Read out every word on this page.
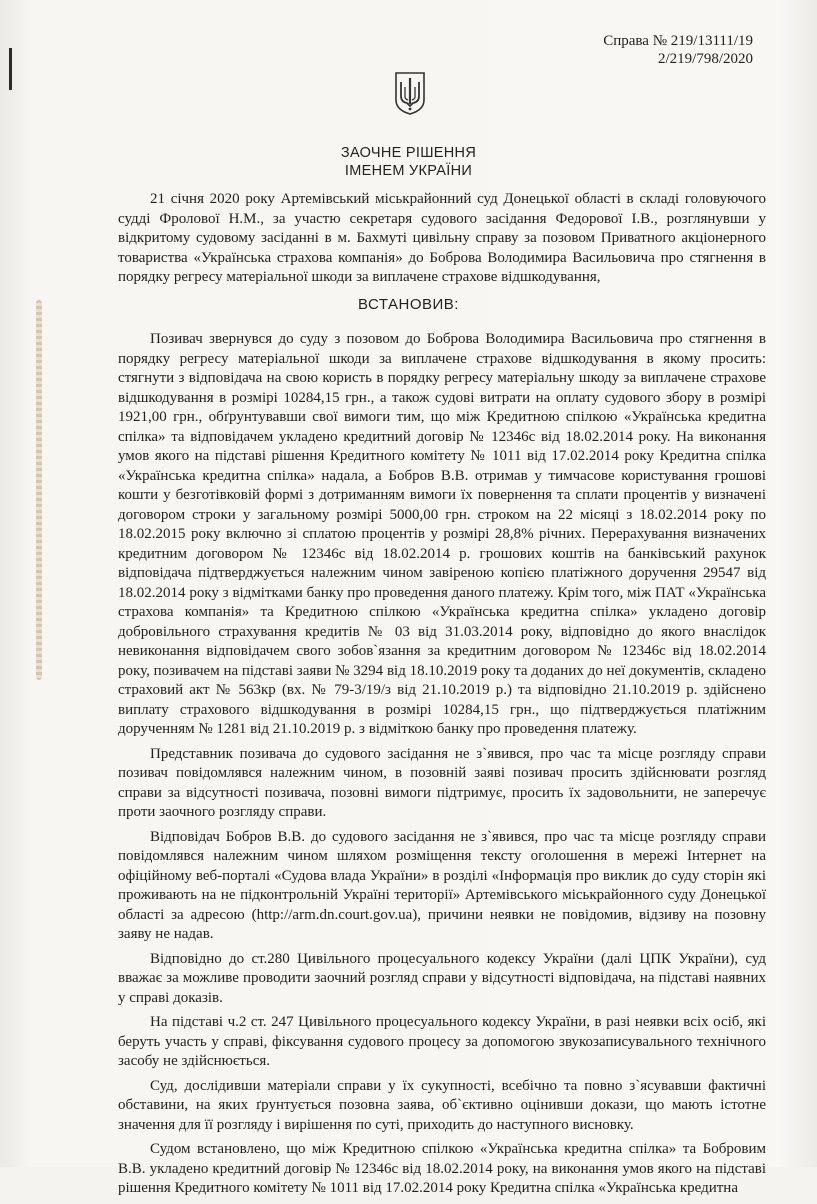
Справа № 219/13111/19
2/219/798/2020
ЗАОЧНЕ РІШЕННЯ
ІМЕНЕМ УКРАЇНИ

21 січня 2020 року Артемівський міськрайонний суд Донецької області в складі головуючого судді Фролової Н.М., за участю секретаря судового засідання Федорової І.В., розглянувши у відкритому судовому засіданні в м. Бахмуті цивільну справу за позовом Приватного акціонерного товариства «Українська страхова компанія» до Боброва Володимира Васильовича про стягнення в порядку регресу матеріальної шкоди за виплачене страхове відшкодування,

ВСТАНОВИВ:

Позивач звернувся до суду з позовом до Боброва Володимира Васильовича про стягнення в порядку регресу матеріальної шкоди за виплачене страхове відшкодування в якому просить: стягнути з відповідача на свою користь в порядку регресу матеріальну шкоду за виплачене страхове відшкодування в розмірі 10284,15 грн., а також судові витрати на оплату судового збору в розмірі 1921,00 грн., обґрунтувавши свої вимоги тим, що між Кредитною спілкою «Українська кредитна спілка» та відповідачем укладено кредитний договір № 12346с від 18.02.2014 року. На виконання умов якого на підставі рішення Кредитного комітету № 1011 від 17.02.2014 року Кредитна спілка «Українська кредитна спілка» надала, а Бобров В.В. отримав у тимчасове користування грошові кошти у безготівковій формі з дотриманням вимоги їх повернення та сплати процентів у визначені договором строки у загальному розмірі 5000,00 грн. строком на 22 місяці з 18.02.2014 року по 18.02.2015 року включно зі сплатою процентів у розмірі 28,8% річних. Перерахування визначених кредитним договором № 12346с від 18.02.2014 р. грошових коштів на банківський рахунок відповідача підтверджується належним чином завіреною копією платіжного доручення 29547 від 18.02.2014 року з відмітками банку про проведення даного платежу. Крім того, між ПАТ «Українська страхова компанія» та Кредитною спілкою «Українська кредитна спілка» укладено договір добровільного страхування кредитів № 03 від 31.03.2014 року, відповідно до якого внаслідок невиконання відповідачем свого зобов`язання за кредитним договором № 12346с від 18.02.2014 року, позивачем на підставі заяви № 3294 від 18.10.2019 року та доданих до неї документів, складено страховий акт № 563кр (вх. № 79-3/19/з від 21.10.2019 р.) та відповідно 21.10.2019 р. здійснено виплату страхового відшкодування в розмірі 10284,15 грн., що підтверджується платіжним дорученням № 1281 від 21.10.2019 р. з відміткою банку про проведення платежу.

Представник позивача до судового засідання не з`явився, про час та місце розгляду справи позивач повідомлявся належним чином, в позовній заяві позивач просить здійснювати розгляд справи за відсутності позивача, позовні вимоги підтримує, просить їх задовольнити, не заперечує проти заочного розгляду справи.

Відповідач Бобров В.В. до судового засідання не з`явився, про час та місце розгляду справи повідомлявся належним чином шляхом розміщення тексту оголошення в мережі Інтернет на офіційному веб-порталі «Судова влада України» в розділі «Інформація про виклик до суду сторін які проживають на не підконтрольній Україні території» Артемівського міськрайонного суду Донецької області за адресою (http://arm.dn.court.gov.ua), причини неявки не повідомив, відзиву на позовну заяву не надав.

Відповідно до ст.280 Цивільного процесуального кодексу України (далі ЦПК України), суд вважає за можливе проводити заочний розгляд справи у відсутності відповідача, на підставі наявних у справі доказів.

На підставі ч.2 ст. 247 Цивільного процесуального кодексу України, в разі неявки всіх осіб, які беруть участь у справі, фіксування судового процесу за допомогою звукозаписувального технічного засобу не здійснюється.

Суд, дослідивши матеріали справи у їх сукупності, всебічно та повно з`ясувавши фактичні обставини, на яких ґрунтується позовна заява, об`єктивно оцінивши докази, що мають істотне значення для її розгляду і вирішення по суті, приходить до наступного висновку.

Судом встановлено, що між Кредитною спілкою «Українська кредитна спілка» та Бобровим В.В. укладено кредитний договір № 12346с від 18.02.2014 року, на виконання умов якого на підставі рішення Кредитного комітету № 1011 від 17.02.2014 року Кредитна спілка «Українська кредитна
